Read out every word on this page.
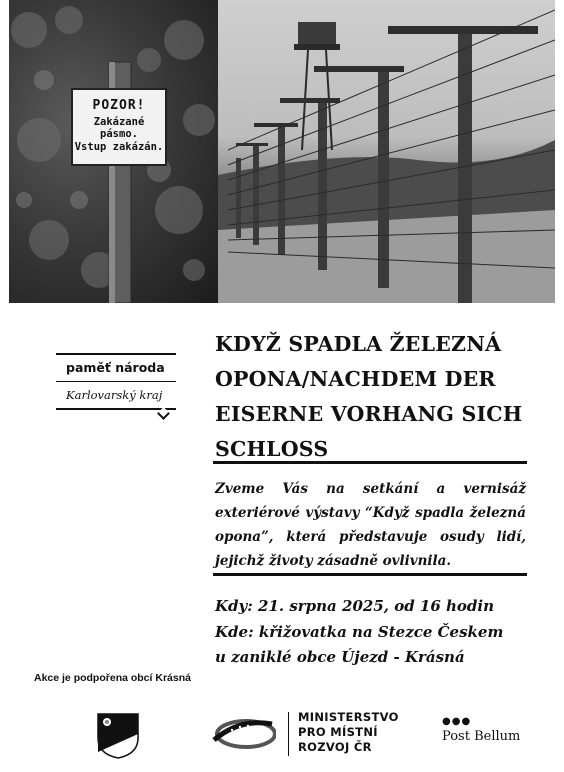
POZOR!
Zakázané pásmo.
Vstup zakázán.
paměť národa
Karlovarský kraj
KDYŽ SPADLA ŽELEZNÁ OPONA/NACHDEM DER EISERNE VORHANG SICH SCHLOSS

Zveme Vás na setkání a vernisáž exteriérové výstavy “Když spadla železná opona”, která představuje osudy lidí, jejichž životy zásadně ovlivnila.

Kdy: 21. srpna 2025, od 16 hodin
Kde: křižovatka na Stezce Českem
u zaniklé obce Újezd - Krásná
Akce je podpořena obcí Krásná
MINISTERSTVO
PRO MÍSTNÍ
ROZVOJ ČR
●●●
Post Bellum
